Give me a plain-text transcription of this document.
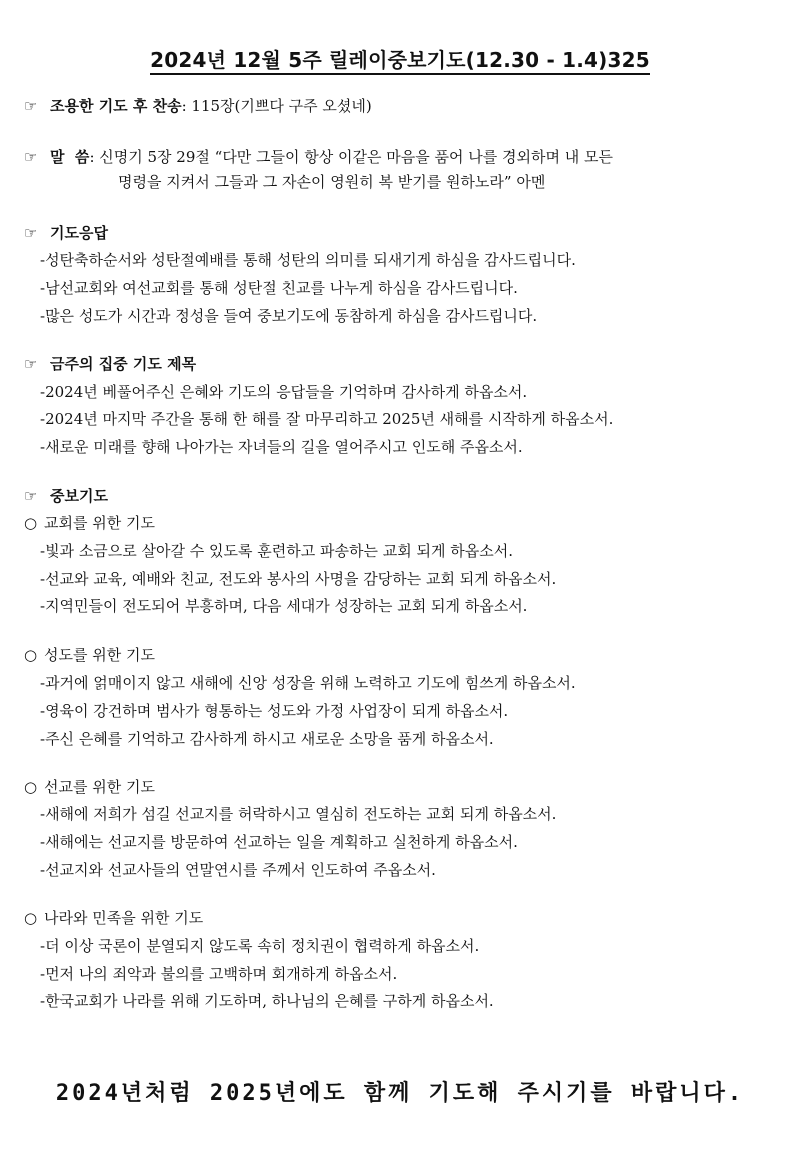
2024년 12월 5주 릴레이중보기도(12.30 - 1.4)325
☞ 조용한 기도 후 찬송: 115장(기쁘다 구주 오셨네)
☞ 말  씀: 신명기 5장 29절 “다만 그들이 항상 이같은 마음을 품어 나를 경외하며 내 모든
명령을 지켜서 그들과 그 자손이 영원히 복 받기를 원하노라” 아멘
☞ 기도응답
-성탄축하순서와 성탄절예배를 통해 성탄의 의미를 되새기게 하심을 감사드립니다.
-남선교회와 여선교회를 통해 성탄절 친교를 나누게 하심을 감사드립니다.
-많은 성도가 시간과 정성을 들여 중보기도에 동참하게 하심을 감사드립니다.
☞ 금주의 집중 기도 제목
-2024년 베풀어주신 은혜와 기도의 응답들을 기억하며 감사하게 하옵소서.
-2024년 마지막 주간을 통해 한 해를 잘 마무리하고 2025년 새해를 시작하게 하옵소서.
-새로운 미래를 향해 나아가는 자녀들의 길을 열어주시고 인도해 주옵소서.
☞ 중보기도
○ 교회를 위한 기도
-빛과 소금으로 살아갈 수 있도록 훈련하고 파송하는 교회 되게 하옵소서.
-선교와 교육, 예배와 친교, 전도와 봉사의 사명을 감당하는 교회 되게 하옵소서.
-지역민들이 전도되어 부흥하며, 다음 세대가 성장하는 교회 되게 하옵소서.
○ 성도를 위한 기도
-과거에 얽매이지 않고 새해에 신앙 성장을 위해 노력하고 기도에 힘쓰게 하옵소서.
-영육이 강건하며 범사가 형통하는 성도와 가정 사업장이 되게 하옵소서.
-주신 은혜를 기억하고 감사하게 하시고 새로운 소망을 품게 하옵소서.
○ 선교를 위한 기도
-새해에 저희가 섬길 선교지를 허락하시고 열심히 전도하는 교회 되게 하옵소서.
-새해에는 선교지를 방문하여 선교하는 일을 계획하고 실천하게 하옵소서.
-선교지와 선교사들의 연말연시를 주께서 인도하여 주옵소서.
○ 나라와 민족을 위한 기도
-더 이상 국론이 분열되지 않도록 속히 정치권이 협력하게 하옵소서.
-먼저 나의 죄악과 불의를 고백하며 회개하게 하옵소서.
-한국교회가 나라를 위해 기도하며, 하나님의 은혜를 구하게 하옵소서.
2024년처럼 2025년에도 함께 기도해 주시기를 바랍니다.
